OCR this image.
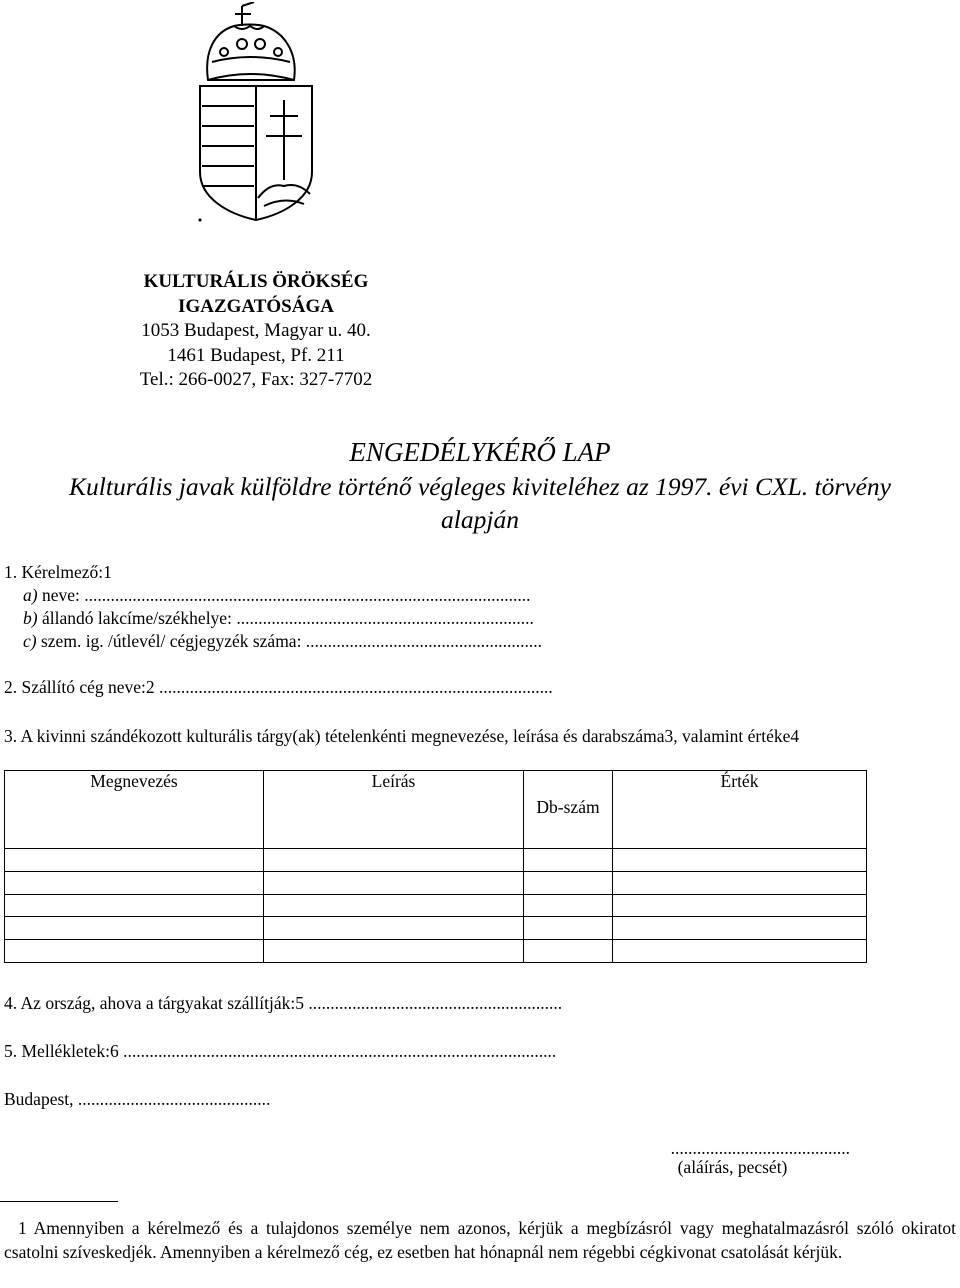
KULTURÁLIS ÖRÖKSÉG
IGAZGATÓSÁGA
1053 Budapest, Magyar u. 40.
1461 Budapest, Pf. 211
Tel.: 266-0027, Fax: 327-7702
ENGEDÉLYKÉRŐ LAP
Kulturális javak külföldre történő végleges kiviteléhez az 1997. évi CXL. törvény
alapján
1. Kérelmező:1
a) neve: ......................................................................................................
b) állandó lakcíme/székhelye: ....................................................................
c) szem. ig. /útlevél/ cégjegyzék száma: ......................................................
2. Szállító cég neve:2 ..........................................................................................
3. A kivinni szándékozott kulturális tárgy(ak) tételenkénti megnevezése, leírása és darabszáma3, valamint értéke4
Megnevezés	Leírás	Db-szám	Érték

4. Az ország, ahova a tárgyakat szállítják:5 ..........................................................
5. Mellékletek:6 ...................................................................................................
Budapest, ............................................
.........................................
(aláírás, pecsét)
1 Amennyiben a kérelmező és a tulajdonos személye nem azonos, kérjük a megbízásról vagy meghatalmazásról szóló okiratot csatolni szíveskedjék. Amennyiben a kérelmező cég, ez esetben hat hónapnál nem régebbi cégkivonat csatolását kérjük.
